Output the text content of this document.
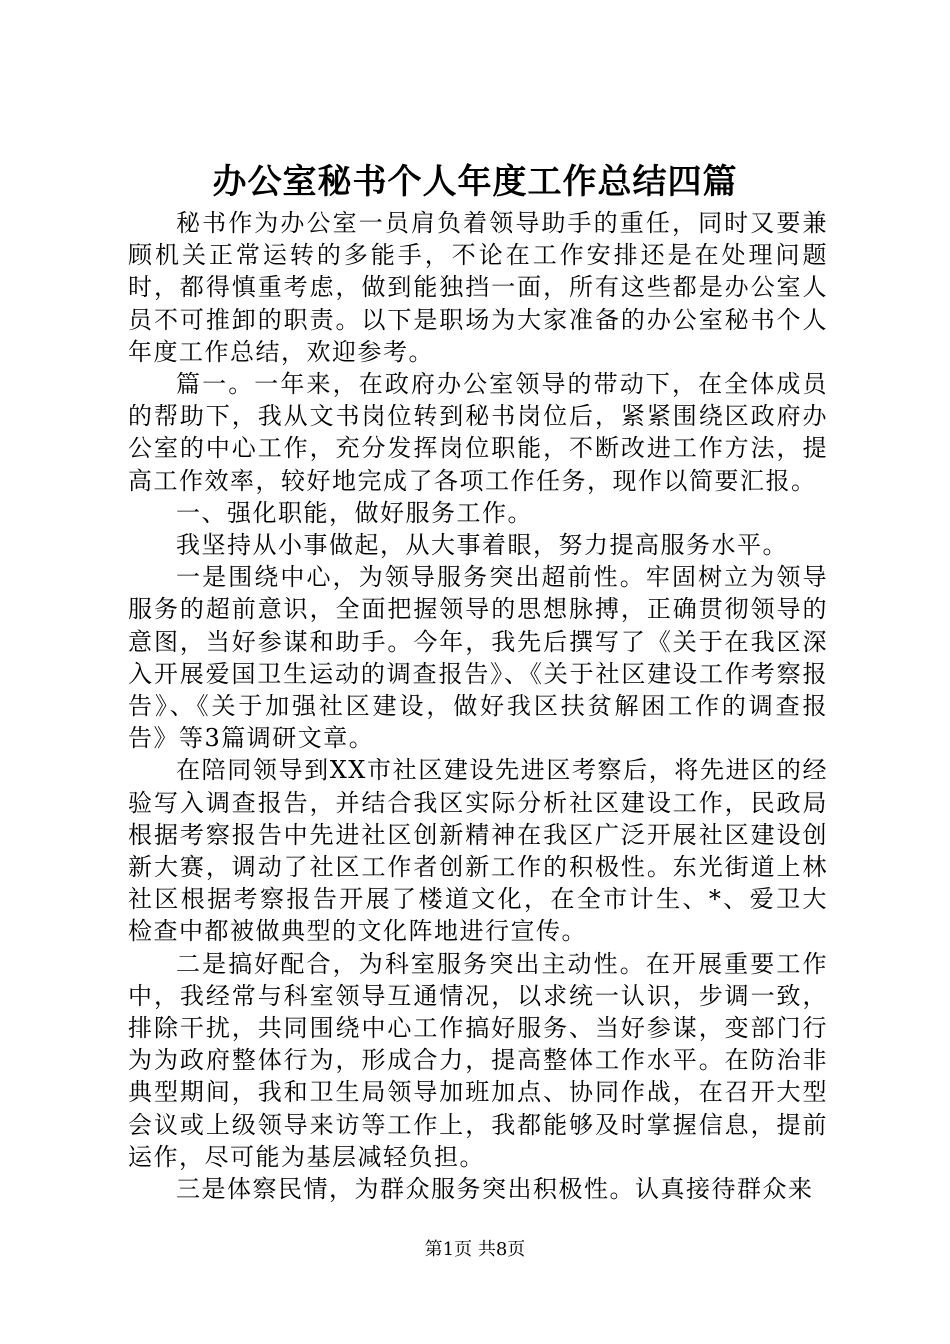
办公室秘书个人年度工作总结四篇

秘书作为办公室一员肩负着领导助手的重任，同时又要兼顾机关正常运转的多能手，不论在工作安排还是在处理问题时，都得慎重考虑，做到能独挡一面，所有这些都是办公室人员不可推卸的职责。以下是职场为大家准备的办公室秘书个人年度工作总结，欢迎参考。

篇一。一年来，在政府办公室领导的带动下，在全体成员的帮助下，我从文书岗位转到秘书岗位后，紧紧围绕区政府办公室的中心工作，充分发挥岗位职能，不断改进工作方法，提高工作效率，较好地完成了各项工作任务，现作以简要汇报。

一、强化职能，做好服务工作。

我坚持从小事做起，从大事着眼，努力提高服务水平。

一是围绕中心，为领导服务突出超前性。牢固树立为领导服务的超前意识，全面把握领导的思想脉搏，正确贯彻领导的意图，当好参谋和助手。今年，我先后撰写了《关于在我区深入开展爱国卫生运动的调查报告》、《关于社区建设工作考察报告》、《关于加强社区建设，做好我区扶贫解困工作的调查报告》等3篇调研文章。

在陪同领导到XX市社区建设先进区考察后，将先进区的经验写入调查报告，并结合我区实际分析社区建设工作，民政局根据考察报告中先进社区创新精神在我区广泛开展社区建设创新大赛，调动了社区工作者创新工作的积极性。东光街道上林社区根据考察报告开展了楼道文化，在全市计生、*、爱卫大检查中都被做典型的文化阵地进行宣传。

二是搞好配合，为科室服务突出主动性。在开展重要工作中，我经常与科室领导互通情况，以求统一认识，步调一致，排除干扰，共同围绕中心工作搞好服务、当好参谋，变部门行为为政府整体行为，形成合力，提高整体工作水平。在防治非典型期间，我和卫生局领导加班加点、协同作战，在召开大型会议或上级领导来访等工作上，我都能够及时掌握信息，提前运作，尽可能为基层减轻负担。

三是体察民情，为群众服务突出积极性。认真接待群众来

第1页 共8页
